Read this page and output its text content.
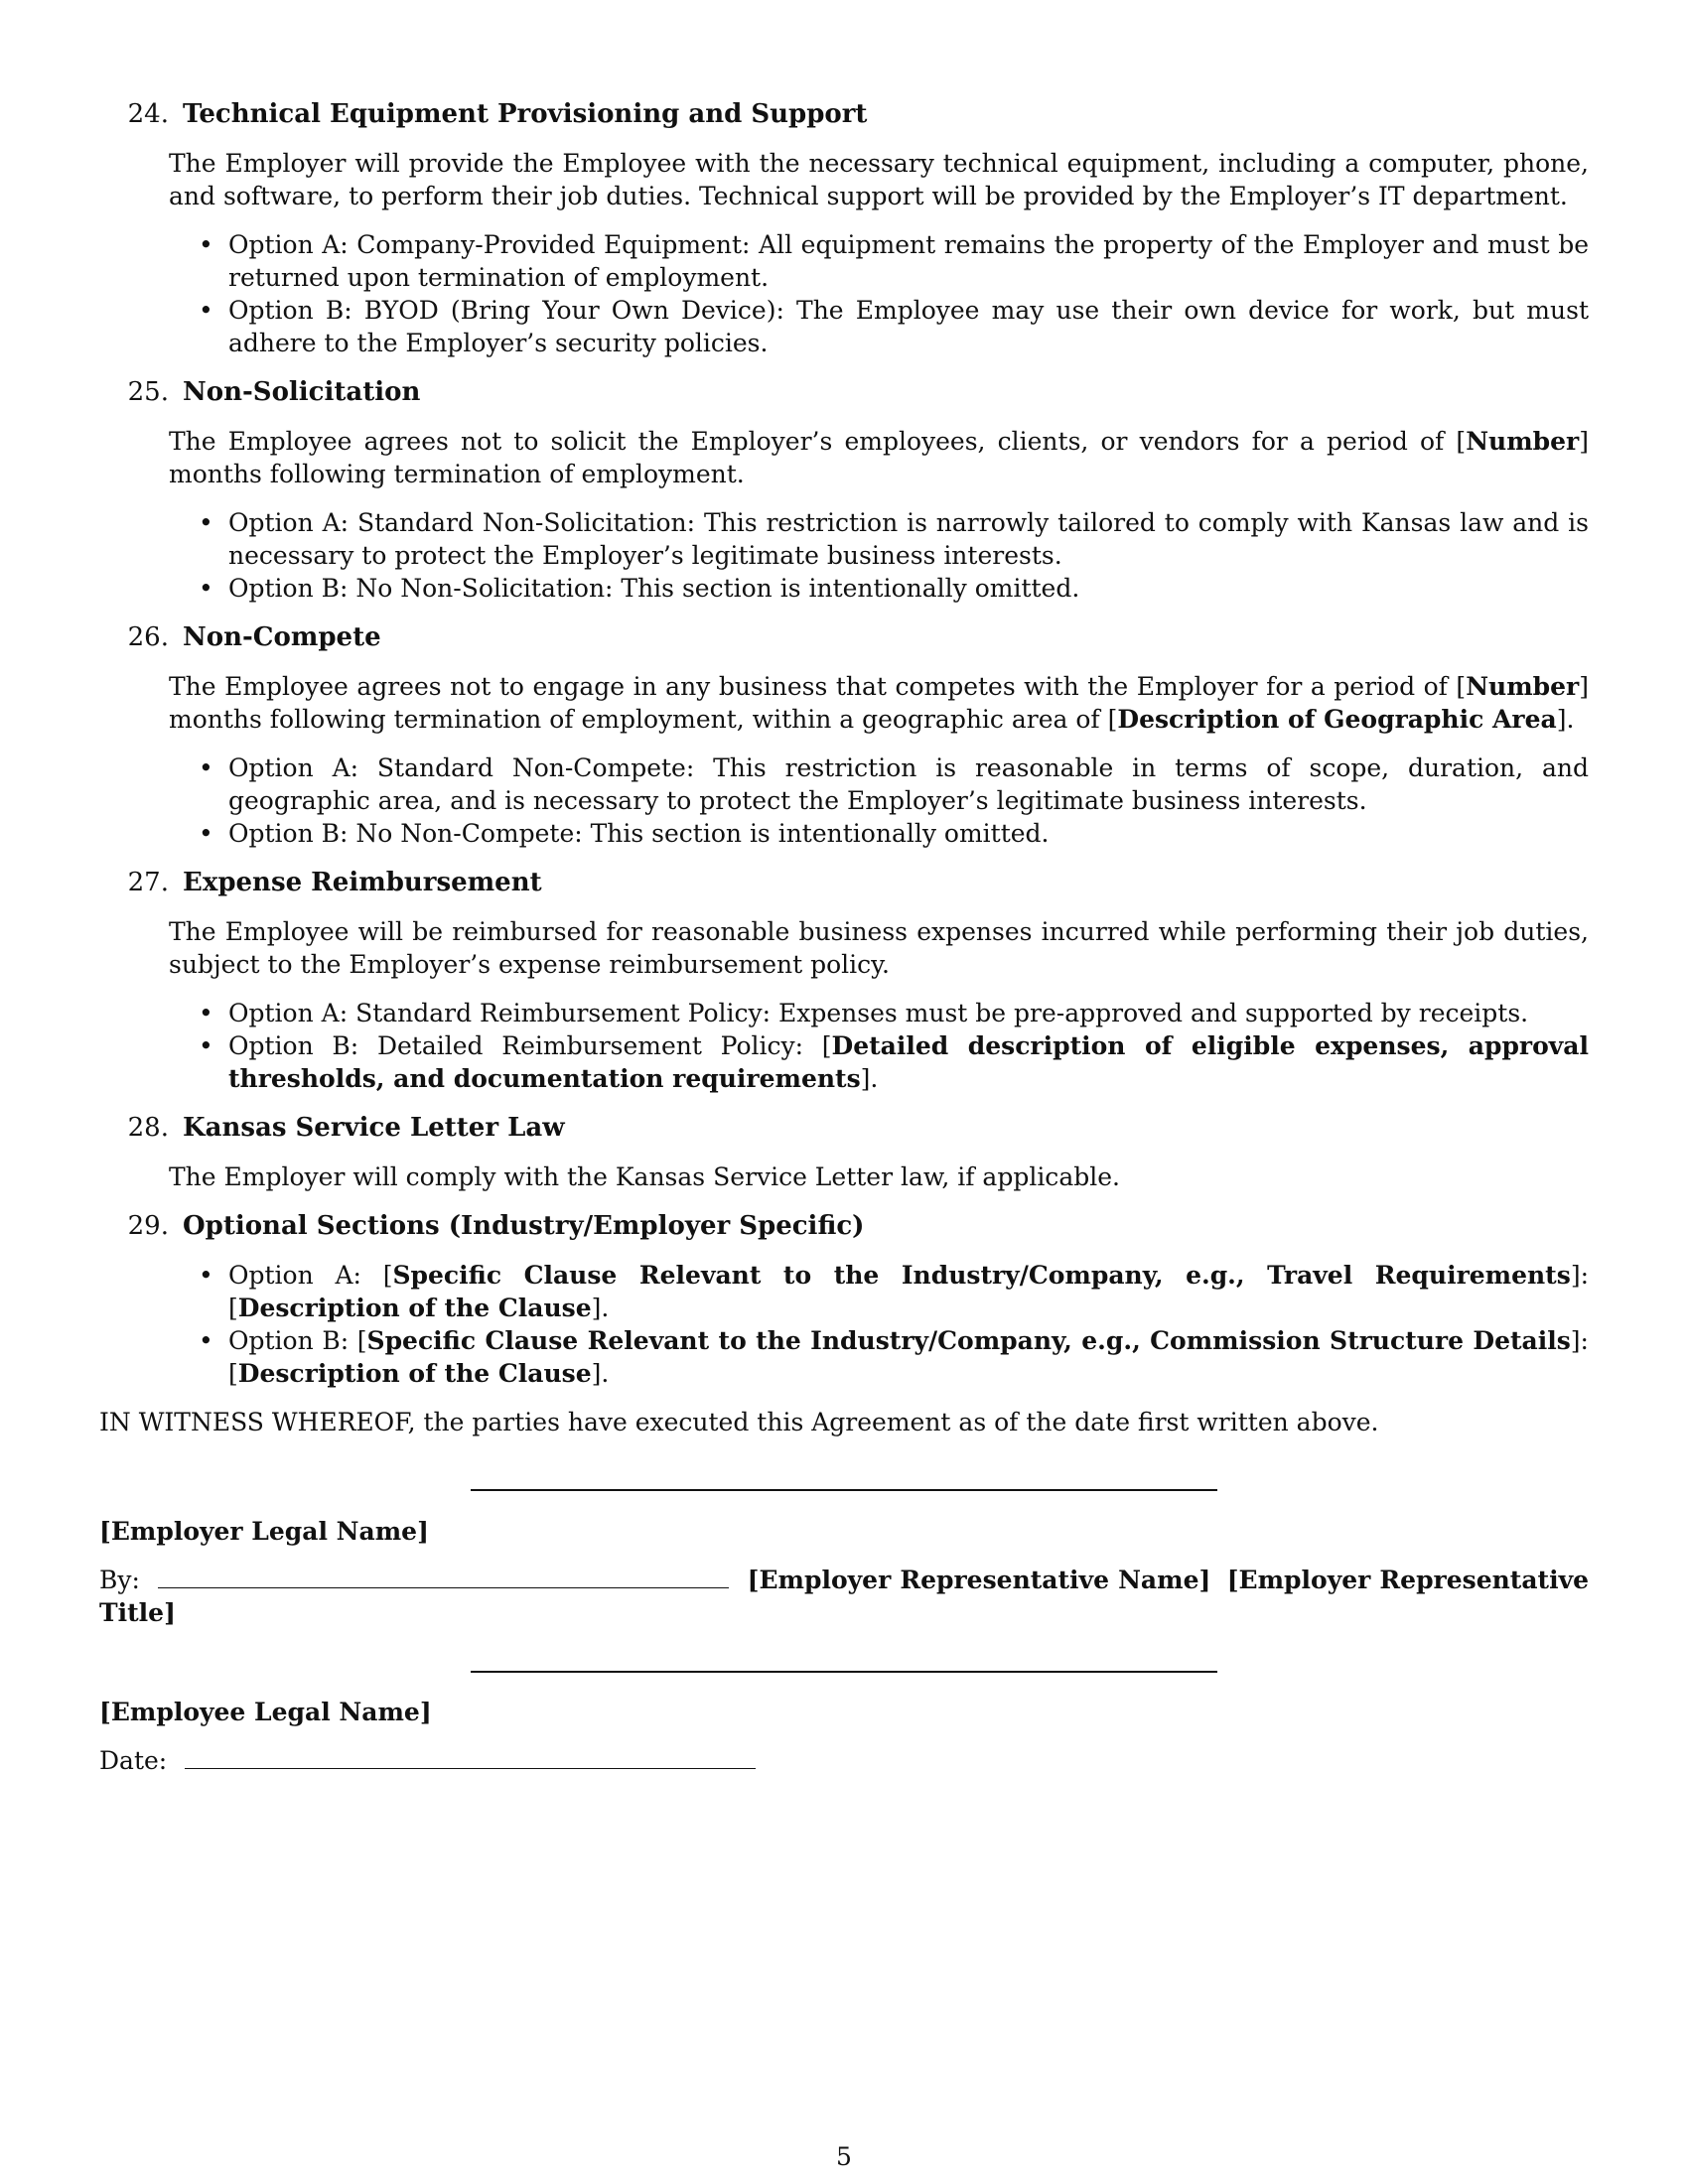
24. Technical Equipment Provisioning and Support
The Employer will provide the Employee with the necessary technical equipment, including a computer, phone, and software, to perform their job duties. Technical support will be provided by the Employer’s IT department.
• Option A: Company-Provided Equipment: All equipment remains the property of the Employer and must be returned upon termination of employment.
• Option B: BYOD (Bring Your Own Device): The Employee may use their own device for work, but must adhere to the Employer’s security policies.
25. Non-Solicitation
The Employee agrees not to solicit the Employer’s employees, clients, or vendors for a period of [Number] months following termination of employment.
• Option A: Standard Non-Solicitation: This restriction is narrowly tailored to comply with Kansas law and is necessary to protect the Employer’s legitimate business interests.
• Option B: No Non-Solicitation: This section is intentionally omitted.
26. Non-Compete
The Employee agrees not to engage in any business that competes with the Employer for a period of [Number] months following termination of employment, within a geographic area of [Description of Geographic Area].
• Option A: Standard Non-Compete: This restriction is reasonable in terms of scope, duration, and geographic area, and is necessary to protect the Employer’s legitimate business interests.
• Option B: No Non-Compete: This section is intentionally omitted.
27. Expense Reimbursement
The Employee will be reimbursed for reasonable business expenses incurred while performing their job duties, subject to the Employer’s expense reimbursement policy.
• Option A: Standard Reimbursement Policy: Expenses must be pre-approved and supported by receipts.
• Option B: Detailed Reimbursement Policy: [Detailed description of eligible expenses, approval thresholds, and documentation requirements].
28. Kansas Service Letter Law
The Employer will comply with the Kansas Service Letter law, if applicable.
29. Optional Sections (Industry/Employer Specific)
• Option A: [Specific Clause Relevant to the Industry/Company, e.g., Travel Requirements]: [Description of the Clause].
• Option B: [Specific Clause Relevant to the Industry/Company, e.g., Commission Structure Details]: [Description of the Clause].
IN WITNESS WHEREOF, the parties have executed this Agreement as of the date first written above.
[Employer Legal Name]
By:	[Employer Representative Name] [Employer Representative Title]
[Employee Legal Name]
Date:
5
